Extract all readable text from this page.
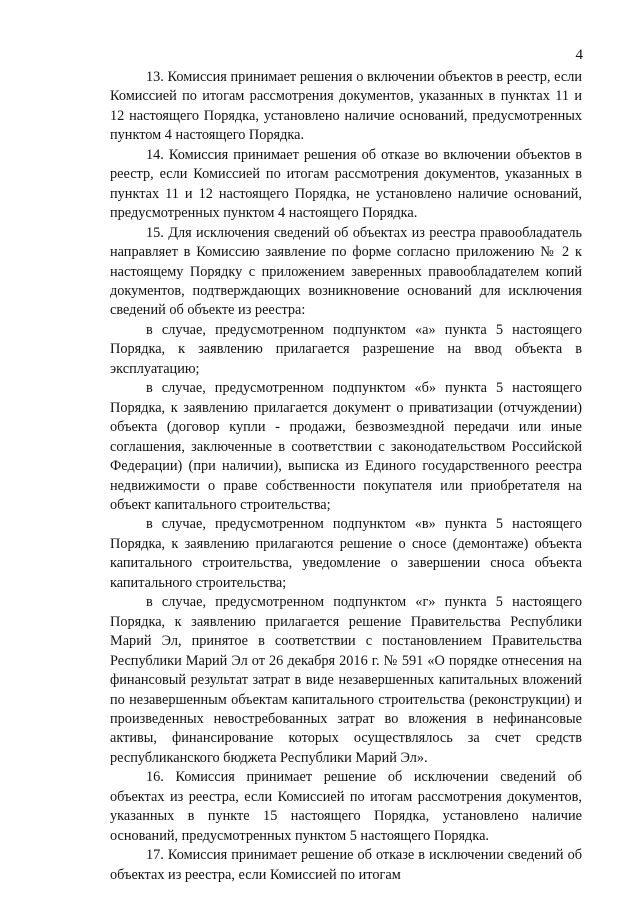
4

13. Комиссия принимает решения о включении объектов в реестр, если Комиссией по итогам рассмотрения документов, указанных в пунктах 11 и 12 настоящего Порядка, установлено наличие оснований, предусмотренных пунктом 4 настоящего Порядка.

14. Комиссия принимает решения об отказе во включении объектов в реестр, если Комиссией по итогам рассмотрения документов, указанных в пунктах 11 и 12 настоящего Порядка, не установлено наличие оснований, предусмотренных пунктом 4 настоящего Порядка.

15. Для исключения сведений об объектах из реестра правообладатель направляет в Комиссию заявление по форме согласно приложению № 2 к настоящему Порядку с приложением заверенных правообладателем копий документов, подтверждающих возникновение оснований для исключения сведений об объекте из реестра:

в случае, предусмотренном подпунктом «а» пункта 5 настоящего Порядка, к заявлению прилагается разрешение на ввод объекта в эксплуатацию;

в случае, предусмотренном подпунктом «б» пункта 5 настоящего Порядка, к заявлению прилагается документ о приватизации (отчуждении) объекта (договор купли - продажи, безвозмездной передачи или иные соглашения, заключенные в соответствии с законодательством Российской Федерации) (при наличии), выписка из Единого государственного реестра недвижимости о праве собственности покупателя или приобретателя на объект капитального строительства;

в случае, предусмотренном подпунктом «в» пункта 5 настоящего Порядка, к заявлению прилагаются решение о сносе (демонтаже) объекта капитального строительства, уведомление о завершении сноса объекта капитального строительства;

в случае, предусмотренном подпунктом «г» пункта 5 настоящего Порядка, к заявлению прилагается решение Правительства Республики Марий Эл, принятое в соответствии с постановлением Правительства Республики Марий Эл от 26 декабря 2016 г. № 591 «О порядке отнесения на финансовый результат затрат в виде незавершенных капитальных вложений по незавершенным объектам капитального строительства (реконструкции) и произведенных невостребованных затрат во вложения в нефинансовые активы, финансирование которых осуществлялось за счет средств республиканского бюджета Республики Марий Эл».

16. Комиссия принимает решение об исключении сведений об объектах из реестра, если Комиссией по итогам рассмотрения документов, указанных в пункте 15 настоящего Порядка, установлено наличие оснований, предусмотренных пунктом 5 настоящего Порядка.

17. Комиссия принимает решение об отказе в исключении сведений об объектах из реестра, если Комиссией по итогам
